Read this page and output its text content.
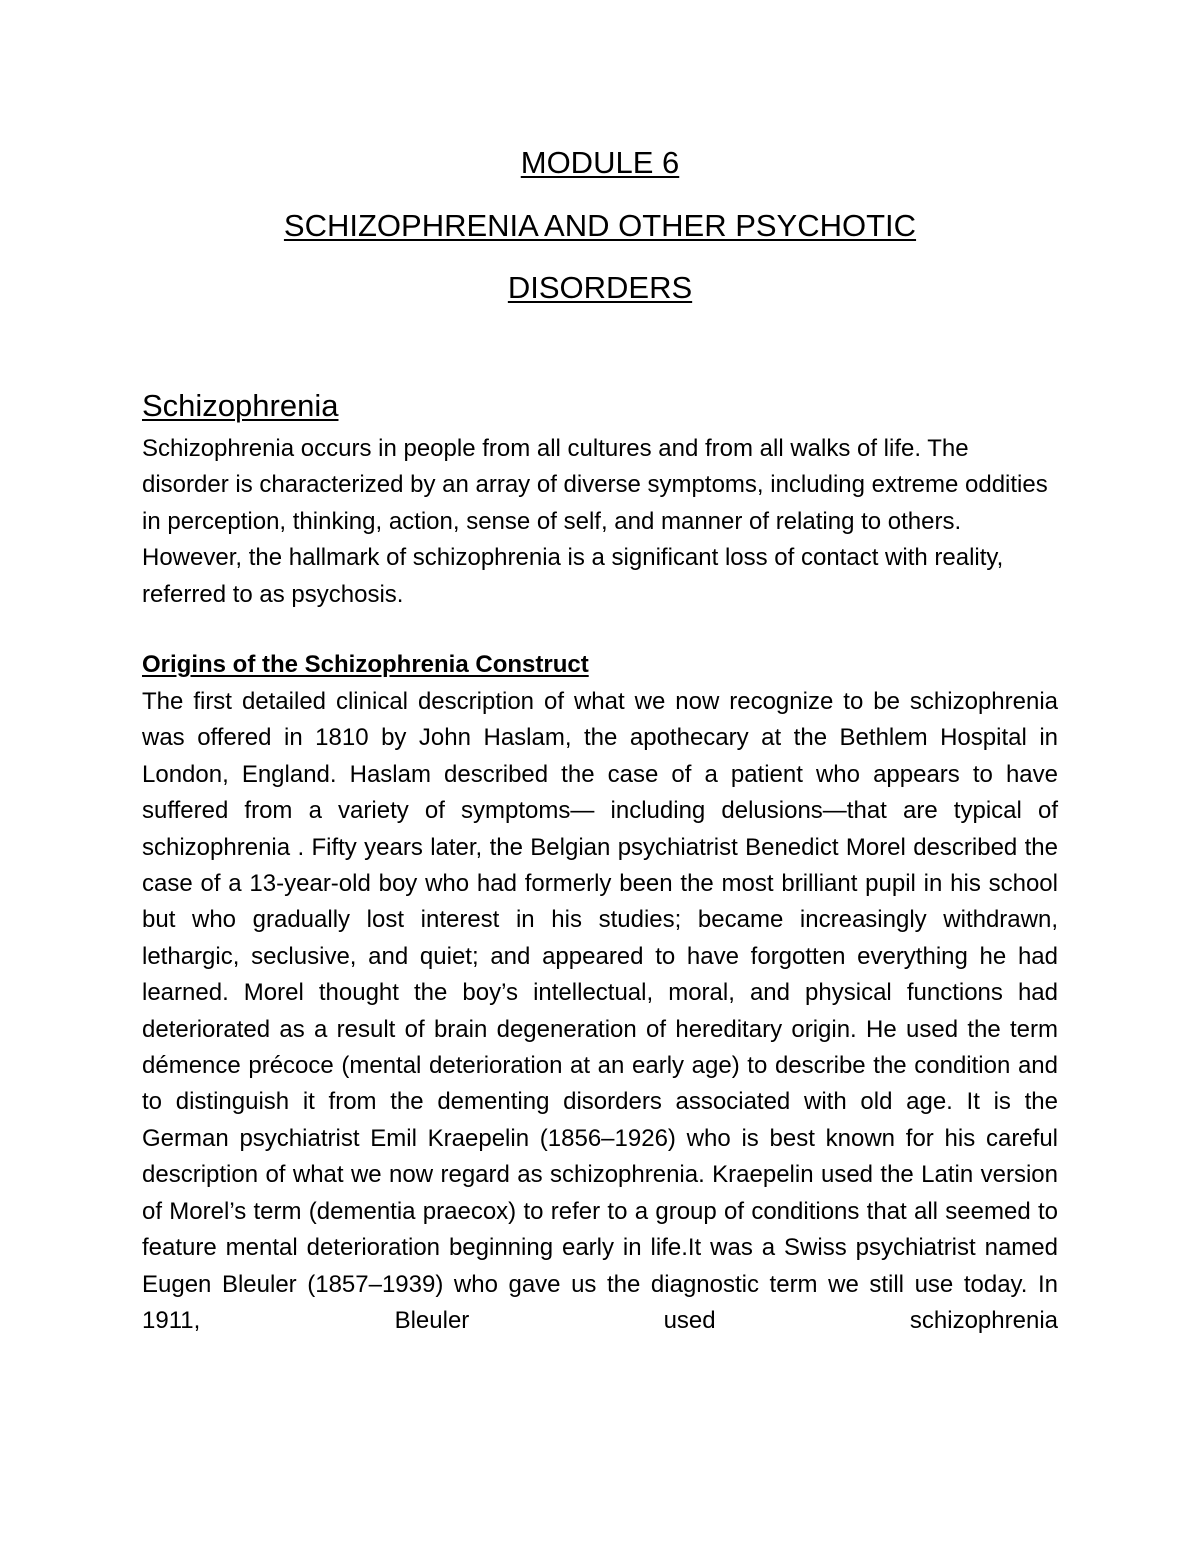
MODULE 6
SCHIZOPHRENIA AND OTHER PSYCHOTIC
DISORDERS
Schizophrenia
Schizophrenia occurs in people from all cultures and from all walks of life. The disorder is characterized by an array of diverse symptoms, including extreme oddities in perception, thinking, action, sense of self, and manner of relating to others. However, the hallmark of schizophrenia is a significant loss of contact with reality, referred to as psychosis.
Origins of the Schizophrenia Construct
The first detailed clinical description of what we now recognize to be schizophrenia was offered in 1810 by John Haslam, the apothecary at the Bethlem Hospital in London, England. Haslam described the case of a patient who appears to have suffered from a variety of symptoms— including delusions—that are typical of schizophrenia . Fifty years later, the Belgian psychiatrist Benedict Morel described the case of a 13-year-old boy who had formerly been the most brilliant pupil in his school but who gradually lost interest in his studies; became increasingly withdrawn, lethargic, seclusive, and quiet; and appeared to have forgotten everything he had learned. Morel thought the boy’s intellectual, moral, and physical functions had deteriorated as a result of brain degeneration of hereditary origin. He used the term démence précoce (mental deterioration at an early age) to describe the condition and to distinguish it from the dementing disorders associated with old age. It is the German psychiatrist Emil Kraepelin (1856–1926) who is best known for his careful description of what we now regard as schizophrenia. Kraepelin used the Latin version of Morel’s term (dementia praecox) to refer to a group of conditions that all seemed to feature mental deterioration beginning early in life.It was a Swiss psychiatrist named Eugen Bleuler (1857–1939) who gave us the diagnostic term we still use today. In 1911, Bleuler used schizophrenia
